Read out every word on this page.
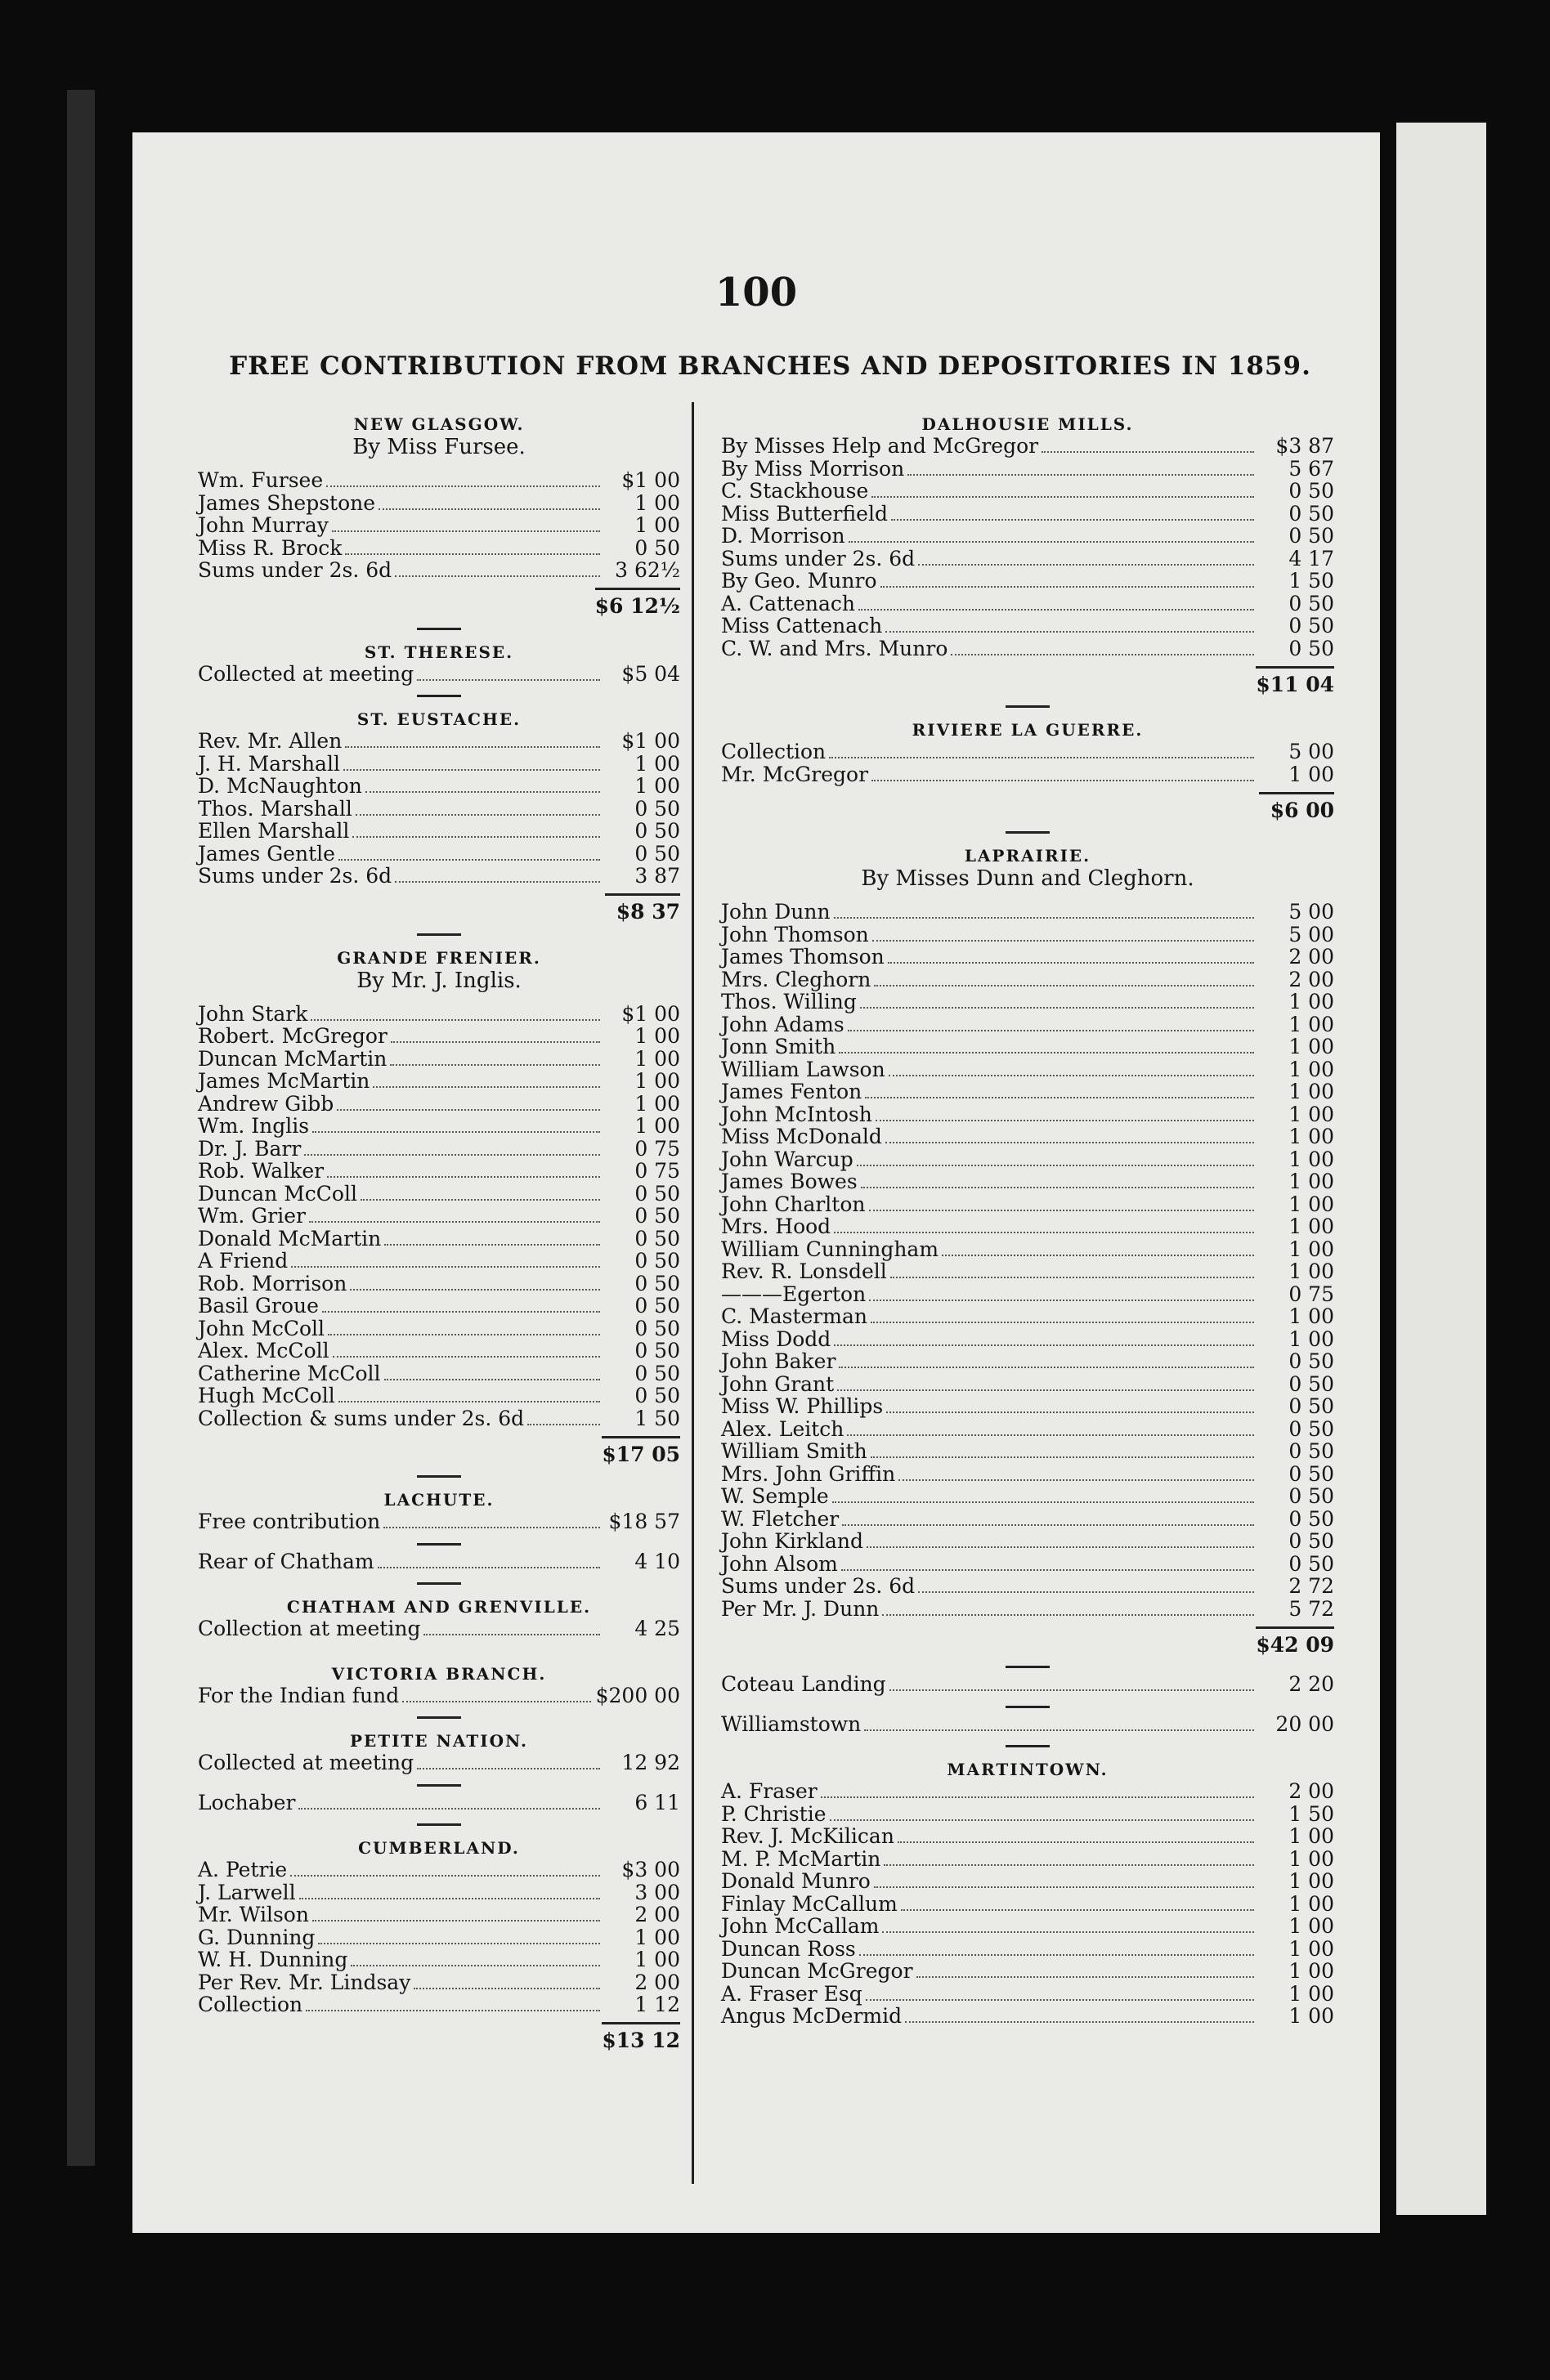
100
FREE CONTRIBUTION FROM BRANCHES AND DEPOSITORIES IN 1859.
NEW GLASGOW.
By Miss Fursee.
Wm. Fursee	$1 00
James Shepstone	1 00
John Murray	1 00
Miss R. Brock	0 50
Sums under 2s. 6d	3 62½
$6 12½
ST. THERESE.
Collected at meeting	$5 04
ST. EUSTACHE.
Rev. Mr. Allen	$1 00
J. H. Marshall	1 00
D. McNaughton	1 00
Thos. Marshall	0 50
Ellen Marshall	0 50
James Gentle	0 50
Sums under 2s. 6d	3 87
$8 37
GRANDE FRENIER.
By Mr. J. Inglis.
John Stark	$1 00
Robert. McGregor	1 00
Duncan McMartin	1 00
James McMartin	1 00
Andrew Gibb	1 00
Wm. Inglis	1 00
Dr. J. Barr	0 75
Rob. Walker	0 75
Duncan McColl	0 50
Wm. Grier	0 50
Donald McMartin	0 50
A Friend	0 50
Rob. Morrison	0 50
Basil Groue	0 50
John McColl	0 50
Alex. McColl	0 50
Catherine McColl	0 50
Hugh McColl	0 50
Collection & sums under 2s. 6d	1 50
$17 05
LACHUTE.
Free contribution	$18 57
Rear of Chatham	4 10
CHATHAM AND GRENVILLE.
Collection at meeting	4 25
VICTORIA BRANCH.
For the Indian fund	$200 00
PETITE NATION.
Collected at meeting	12 92
Lochaber	6 11
CUMBERLAND.
A. Petrie	$3 00
J. Larwell	3 00
Mr. Wilson	2 00
G. Dunning	1 00
W. H. Dunning	1 00
Per Rev. Mr. Lindsay	2 00
Collection	1 12
$13 12
DALHOUSIE MILLS.
By Misses Help and McGregor	$3 87
By Miss Morrison	5 67
C. Stackhouse	0 50
Miss Butterfield	0 50
D. Morrison	0 50
Sums under 2s. 6d	4 17
By Geo. Munro	1 50
A. Cattenach	0 50
Miss Cattenach	0 50
C. W. and Mrs. Munro	0 50
$11 04
RIVIERE LA GUERRE.
Collection	5 00
Mr. McGregor	1 00
$6 00
LAPRAIRIE.
By Misses Dunn and Cleghorn.
John Dunn	5 00
John Thomson	5 00
James Thomson	2 00
Mrs. Cleghorn	2 00
Thos. Willing	1 00
John Adams	1 00
Jonn Smith	1 00
William Lawson	1 00
James Fenton	1 00
John McIntosh	1 00
Miss McDonald	1 00
John Warcup	1 00
James Bowes	1 00
John Charlton	1 00
Mrs. Hood	1 00
William Cunningham	1 00
Rev. R. Lonsdell	1 00
———Egerton	0 75
C. Masterman	1 00
Miss Dodd	1 00
John Baker	0 50
John Grant	0 50
Miss W. Phillips	0 50
Alex. Leitch	0 50
William Smith	0 50
Mrs. John Griffin	0 50
W. Semple	0 50
W. Fletcher	0 50
John Kirkland	0 50
John Alsom	0 50
Sums under 2s. 6d	2 72
Per Mr. J. Dunn	5 72
$42 09
Coteau Landing	2 20
Williamstown	20 00
MARTINTOWN.
A. Fraser	2 00
P. Christie	1 50
Rev. J. McKilican	1 00
M. P. McMartin	1 00
Donald Munro	1 00
Finlay McCallum	1 00
John McCallam	1 00
Duncan Ross	1 00
Duncan McGregor	1 00
A. Fraser Esq	1 00
Angus McDermid	1 00
